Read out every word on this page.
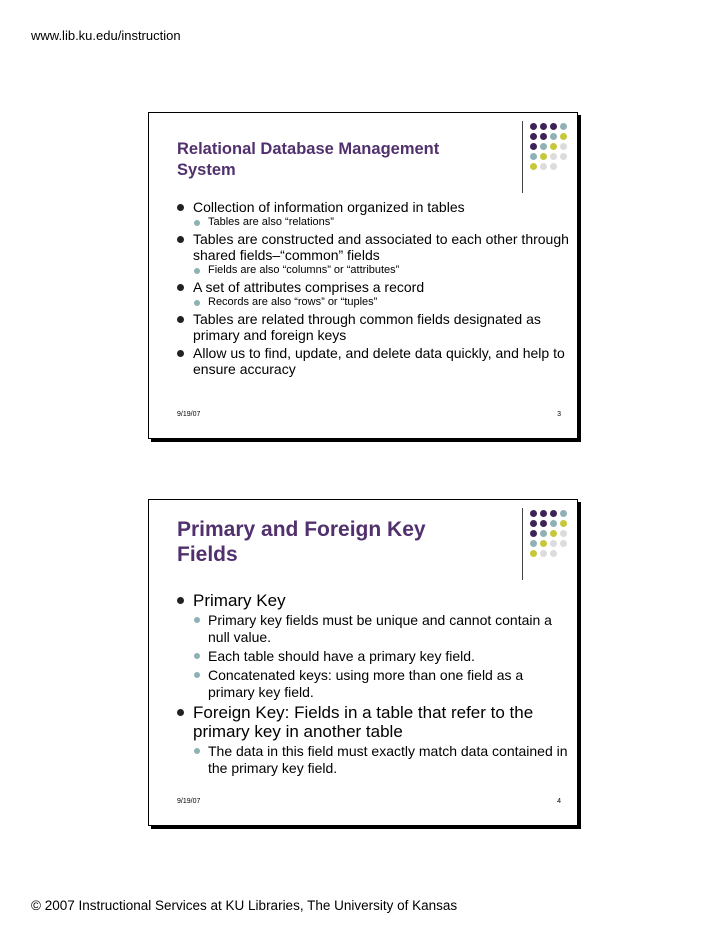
www.lib.ku.edu/instruction
Relational Database Management
System
Collection of information organized in tables
Tables are also “relations”
Tables are constructed and associated to each other through shared fields–“common” fields
Fields are also “columns” or “attributes”
A set of attributes comprises a record
Records are also “rows” or “tuples”
Tables are related through common fields designated as primary and foreign keys
Allow us to find, update, and delete data quickly, and help to ensure accuracy
9/19/07	3
Primary and Foreign Key
Fields
Primary Key
Primary key fields must be unique and cannot contain a null value.
Each table should have a primary key field.
Concatenated keys: using more than one field as a primary key field.
Foreign Key: Fields in a table that refer to the primary key in another table
The data in this field must exactly match data contained in the primary key field.
9/19/07	4
© 2007 Instructional Services at KU Libraries, The University of Kansas
